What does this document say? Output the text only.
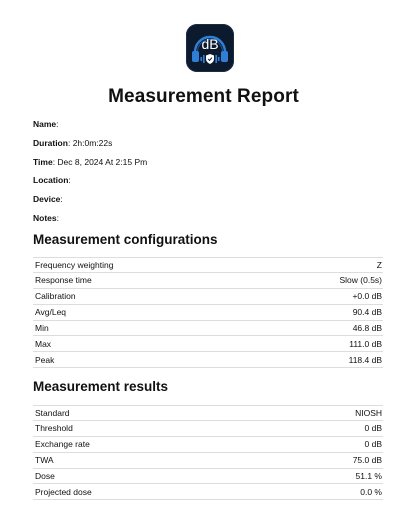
dB
Measurement Report
Name:
Duration: 2h:0m:22s
Time: Dec 8, 2024 At 2:15 Pm
Location:
Device:
Notes:
Measurement configurations
Frequency weighting	Z
Response time	Slow (0.5s)
Calibration	+0.0 dB
Avg/Leq	90.4 dB
Min	46.8 dB
Max	111.0 dB
Peak	118.4 dB
Measurement results
Standard	NIOSH
Threshold	0 dB
Exchange rate	0 dB
TWA	75.0 dB
Dose	51.1 %
Projected dose	0.0 %
